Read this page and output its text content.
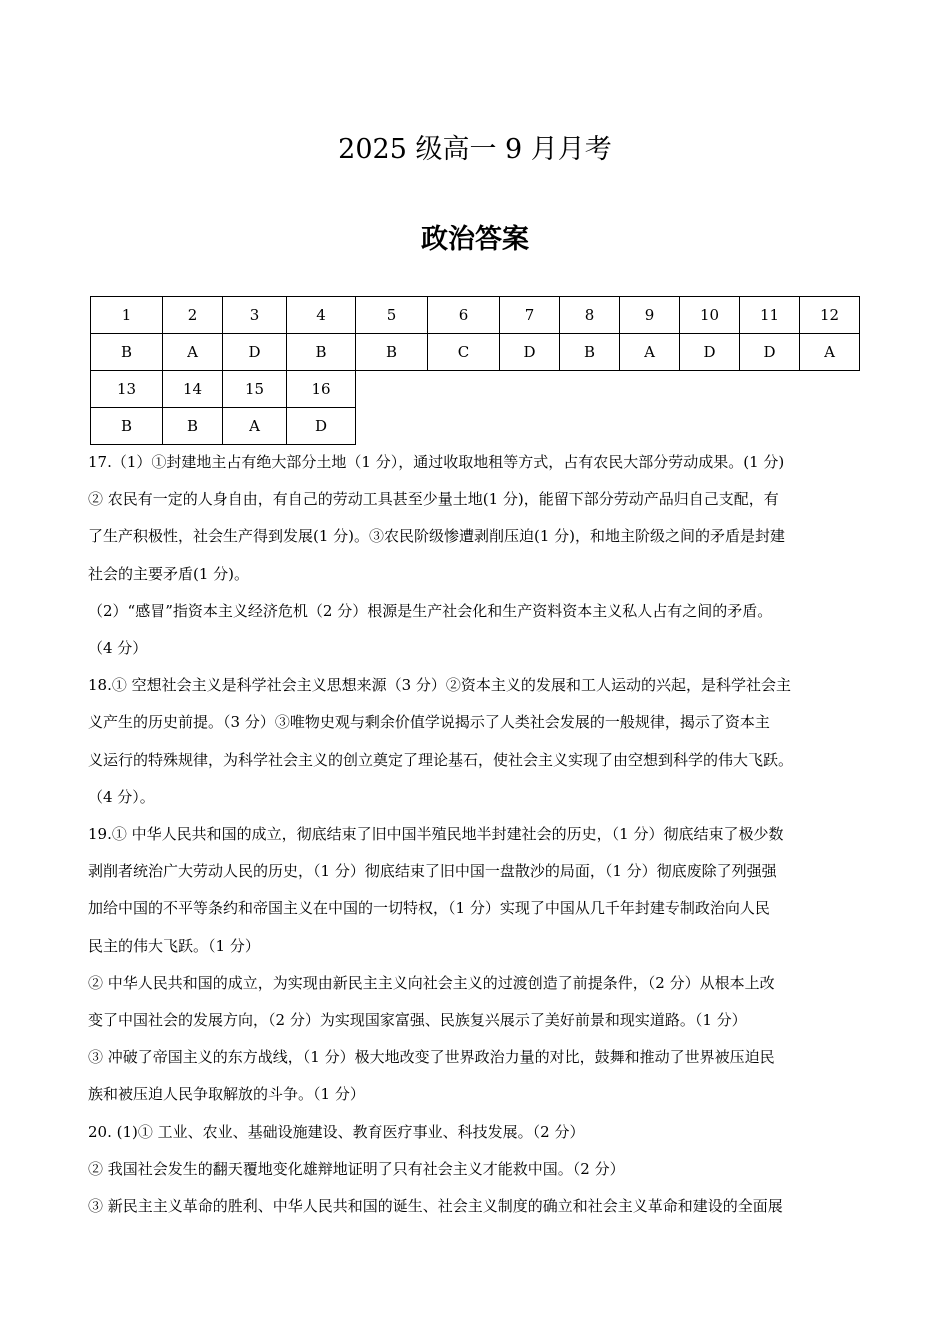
2025 级高一 9 月月考
政治答案
1	2	3	4	5	6	7	8	9	10	11	12
B	A	D	B	B	C	D	B	A	D	D	A
13	14	15	16								
B	B	A	D								

17.（1）①封建地主占有绝大部分土地（1 分），通过收取地租等方式，占有农民大部分劳动成果。(1 分)

② 农民有一定的人身自由，有自己的劳动工具甚至少量土地(1 分)，能留下部分劳动产品归自己支配，有

了生产积极性，社会生产得到发展(1 分)。③农民阶级惨遭剥削压迫(1 分)，和地主阶级之间的矛盾是封建

社会的主要矛盾(1 分)。

（2）“感冒”指资本主义经济危机（2 分）根源是生产社会化和生产资料资本主义私人占有之间的矛盾。

（4 分）

18.① 空想社会主义是科学社会主义思想来源（3 分）②资本主义的发展和工人运动的兴起，是科学社会主

义产生的历史前提。（3 分）③唯物史观与剩余价值学说揭示了人类社会发展的一般规律，揭示了资本主

义运行的特殊规律，为科学社会主义的创立奠定了理论基石，使社会主义实现了由空想到科学的伟大飞跃。

（4 分）。

19.① 中华人民共和国的成立，彻底结束了旧中国半殖民地半封建社会的历史，（1 分）彻底结束了极少数

剥削者统治广大劳动人民的历史，（1 分）彻底结束了旧中国一盘散沙的局面，（1 分）彻底废除了列强强

加给中国的不平等条约和帝国主义在中国的一切特权，（1 分）实现了中国从几千年封建专制政治向人民

民主的伟大飞跃。（1 分）

② 中华人民共和国的成立，为实现由新民主主义向社会主义的过渡创造了前提条件，（2 分）从根本上改

变了中国社会的发展方向，（2 分）为实现国家富强、民族复兴展示了美好前景和现实道路。（1 分）

③ 冲破了帝国主义的东方战线，（1 分）极大地改变了世界政治力量的对比，鼓舞和推动了世界被压迫民

族和被压迫人民争取解放的斗争。（1 分）

20. (1)① 工业、农业、基础设施建设、教育医疗事业、科技发展。（2 分）

② 我国社会发生的翻天覆地变化雄辩地证明了只有社会主义才能救中国。（2 分）

③ 新民主主义革命的胜利、中华人民共和国的诞生、社会主义制度的确立和社会主义革命和建设的全面展
